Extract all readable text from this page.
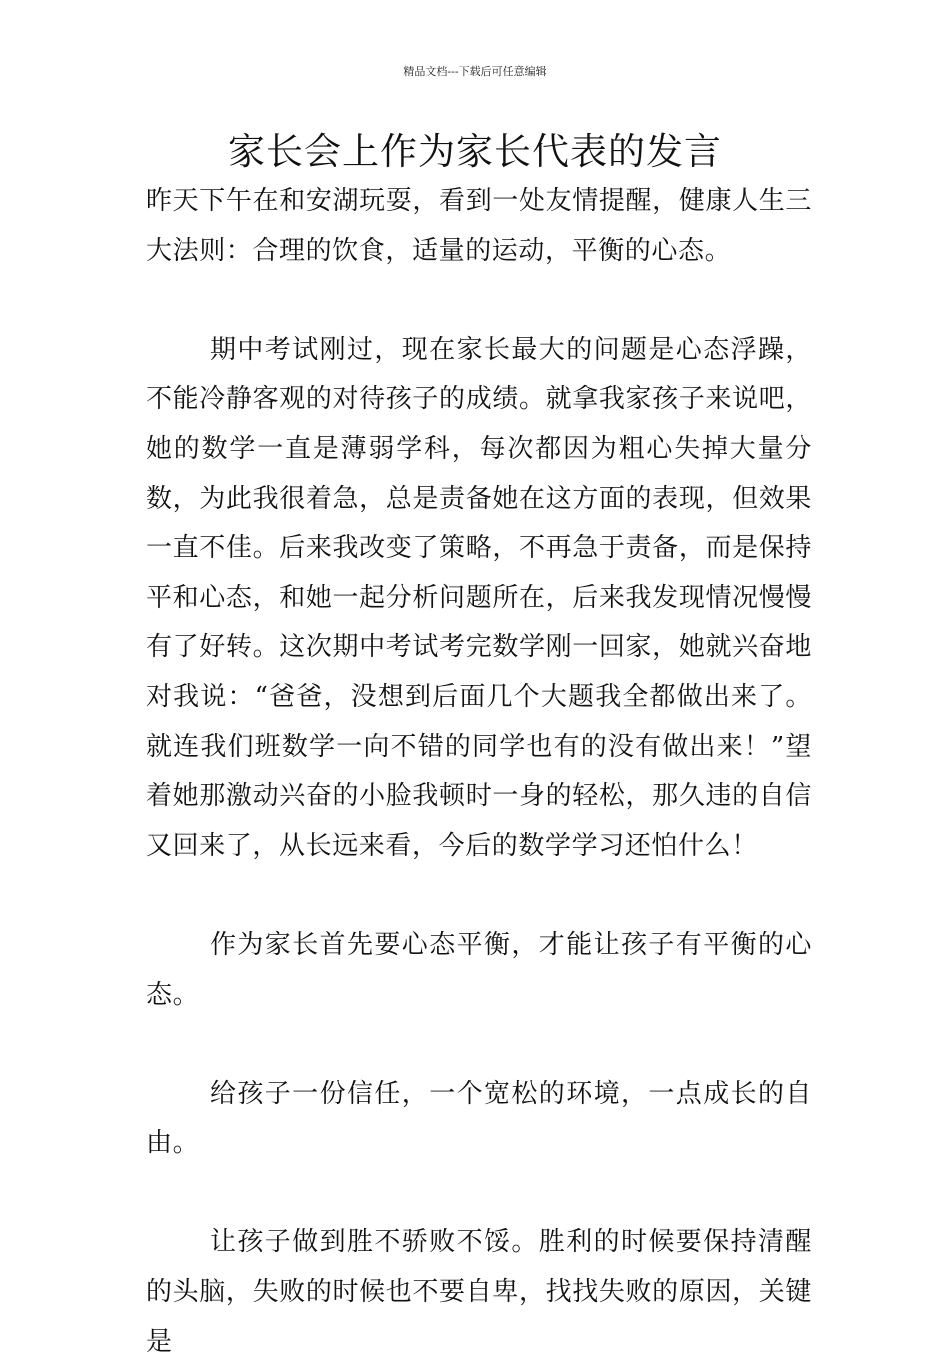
精品文档---下载后可任意编辑
家长会上作为家长代表的发言

昨天下午在和安湖玩耍，看到一处友情提醒，健康人生三大法则：合理的饮食，适量的运动，平衡的心态。

期中考试刚过，现在家长最大的问题是心态浮躁，不能冷静客观的对待孩子的成绩。就拿我家孩子来说吧，她的数学一直是薄弱学科，每次都因为粗心失掉大量分数，为此我很着急，总是责备她在这方面的表现，但效果一直不佳。后来我改变了策略，不再急于责备，而是保持平和心态，和她一起分析问题所在，后来我发现情况慢慢有了好转。这次期中考试考完数学刚一回家，她就兴奋地对我说：“爸爸，没想到后面几个大题我全都做出来了。就连我们班数学一向不错的同学也有的没有做出来！”望着她那激动兴奋的小脸我顿时一身的轻松，那久违的自信又回来了，从长远来看，今后的数学学习还怕什么！

作为家长首先要心态平衡，才能让孩子有平衡的心态。

给孩子一份信任，一个宽松的环境，一点成长的自由。

让孩子做到胜不骄败不馁。胜利的时候要保持清醒的头脑，失败的时候也不要自卑，找找失败的原因，关键是
